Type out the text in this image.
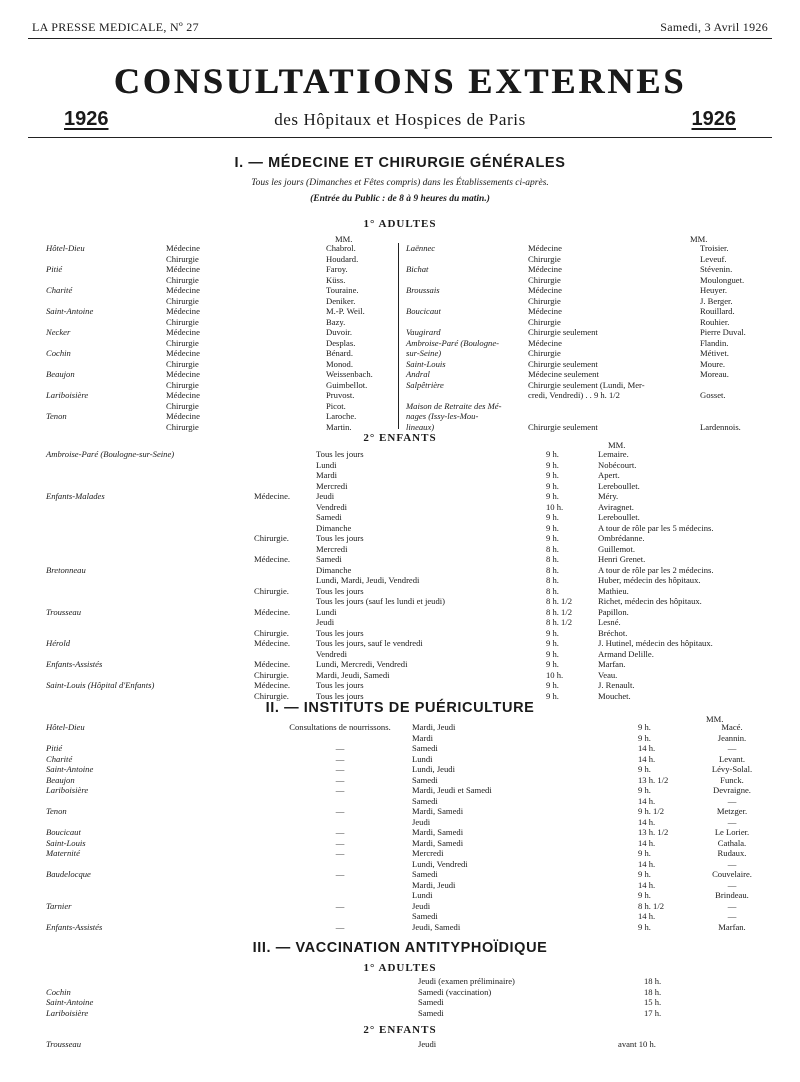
LA PRESSE MEDICALE, Nº 27	Samedi, 3 Avril 1926
CONSULTATIONS EXTERNES
1926	1926
des Hôpitaux et Hospices de Paris
I. — MÉDECINE ET CHIRURGIE GÉNÉRALES
Tous les jours (Dimanches et Fêtes compris) dans les Établissements ci-après.
(Entrée du Public : de 8 à 9 heures du matin.)
1° ADULTES
MM.	MM.
Hôtel-Dieu	Médecine	Chabrol.
	Chirurgie	Houdard.
Pitié	Médecine	Faroy.
	Chirurgie	Küss.
Charité	Médecine	Touraine.
	Chirurgie	Deniker.
Saint-Antoine	Médecine	M.-P. Weil.
	Chirurgie	Bazy.
Necker	Médecine	Duvoir.
	Chirurgie	Desplas.
Cochin	Médecine	Bénard.
	Chirurgie	Monod.
Beaujon	Médecine	Weissenbach.
	Chirurgie	Guimbellot.
Lariboisière	Médecine	Pruvost.
	Chirurgie	Picot.
Tenon	Médecine	Laroche.
	Chirurgie	Martin.
Laënnec	Médecine	Troisier.
	Chirurgie	Leveuf.
Bichat	Médecine	Stévenin.
	Chirurgie	Moulonguet.
Broussais	Médecine	Heuyer.
	Chirurgie	J. Berger.
Boucicaut	Médecine	Rouillard.
	Chirurgie	Rouhier.
Vaugirard	Chirurgie seulement	Pierre Duval.
Ambroise-Paré (Boulogne-	Médecine	Flandin.
sur-Seine)	Chirurgie	Métivet.
Saint-Louis	Chirurgie seulement	Moure.
Andral	Médecine seulement	Moreau.
Salpêtrière	Chirurgie seulement (Lundi, Mer-	
	credi, Vendredi) . . 9 h. 1/2	Gosset.
Maison de Retraite des Mé-		
nages (Issy-les-Mou-		
lineaux)	Chirurgie seulement	Lardennois.
2° ENFANTS
MM.
Ambroise-Paré (Boulogne-sur-Seine)		Tous les jours	9 h.	Lemaire.
		Lundi	9 h.	Nobécourt.
		Mardi	9 h.	Apert.
		Mercredi	9 h.	Lereboullet.
Enfants-Malades	Médecine.	Jeudi	9 h.	Méry.
		Vendredi	10 h.	Aviragnet.
		Samedi	9 h.	Lereboullet.
		Dimanche	9 h.	A tour de rôle par les 5 médecins.
	Chirurgie.	Tous les jours	9 h.	Ombrédanne.
		Mercredi	8 h.	Guillemot.
	Médecine.	Samedi	8 h.	Henri Grenet.
Bretonneau		Dimanche	8 h.	A tour de rôle par les 2 médecins.
		Lundi, Mardi, Jeudi, Vendredi	8 h.	Huber, médecin des hôpitaux.
	Chirurgie.	Tous les jours	8 h.	Mathieu.
		Tous les jours (sauf les lundi et jeudi)	8 h. 1/2	Richet, médecin des hôpitaux.
Trousseau	Médecine.	Lundi	8 h. 1/2	Papillon.
		Jeudi	8 h. 1/2	Lesné.
	Chirurgie.	Tous les jours	9 h.	Bréchot.
Hérold	Médecine.	Tous les jours, sauf le vendredi	9 h.	J. Hutinel, médecin des hôpitaux.
		Vendredi	9 h.	Armand Delille.
Enfants-Assistés	Médecine.	Lundi, Mercredi, Vendredi	9 h.	Marfan.
	Chirurgie.	Mardi, Jeudi, Samedi	10 h.	Veau.
Saint-Louis (Hôpital d'Enfants)	Médecine.	Tous les jours	9 h.	J. Renault.
	Chirurgie.	Tous les jours	9 h.	Mouchet.
II. — INSTITUTS DE PUÉRICULTURE
MM.
Hôtel-Dieu	Consultations de nourrissons.	Mardi, Jeudi	9 h.	Macé.
		Mardi	9 h.	Jeannin.
Pitié	—	Samedi	14 h.	—
Charité	—	Lundi	14 h.	Levant.
Saint-Antoine	—	Lundi, Jeudi	9 h.	Lévy-Solal.
Beaujon	—	Samedi	13 h. 1/2	Funck.
Lariboisière	—	Mardi, Jeudi et Samedi	9 h.	Devraigne.
		Samedi	14 h.	—
Tenon	—	Mardi, Samedi	9 h. 1/2	Metzger.
		Jeudi	14 h.	—
Boucicaut	—	Mardi, Samedi	13 h. 1/2	Le Lorier.
Saint-Louis	—	Mardi, Samedi	14 h.	Cathala.
Maternité	—	Mercredi	9 h.	Rudaux.
		Lundi, Vendredi	14 h.	—
Baudelocque	—	Samedi	9 h.	Couvelaire.
		Mardi, Jeudi	14 h.	—
		Lundi	9 h.	Brindeau.
Tarnier	—	Jeudi	8 h. 1/2	—
		Samedi	14 h.	—
Enfants-Assistés	—	Jeudi, Samedi	9 h.	Marfan.
III. — VACCINATION ANTITYPHOÏDIQUE
1° ADULTES
	Jeudi (examen préliminaire)	18 h.
Cochin	Samedi (vaccination)	18 h.
Saint-Antoine	Samedi	15 h.
Lariboisière	Samedi	17 h.
2° ENFANTS
Trousseau	Jeudi	avant 10 h.
